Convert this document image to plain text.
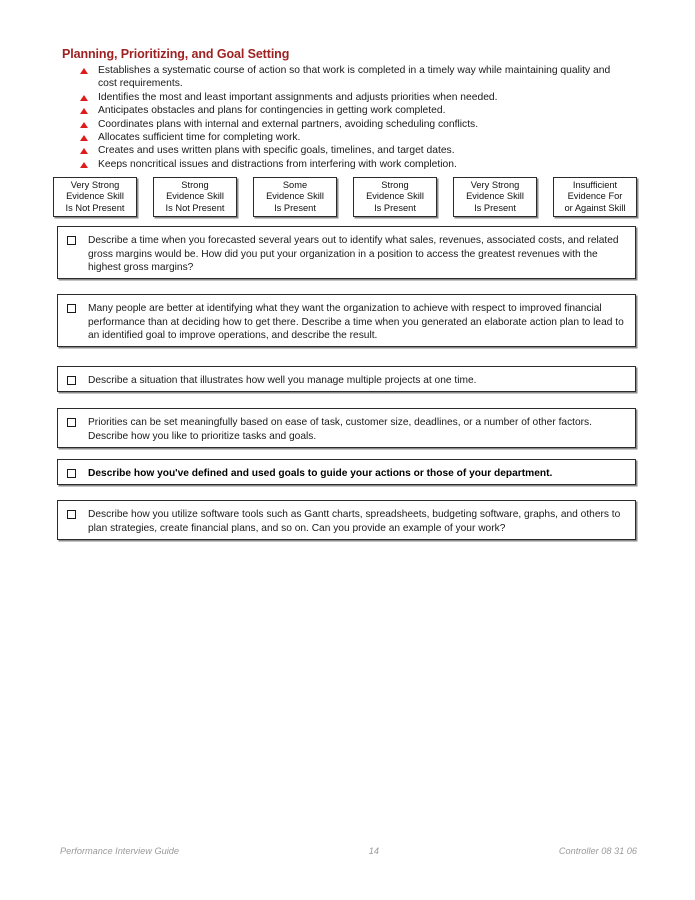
Planning, Prioritizing, and Goal Setting
Establishes a systematic course of action so that work is completed in a timely way while maintaining quality and cost requirements.
Identifies the most and least important assignments and adjusts priorities when needed.
Anticipates obstacles and plans for contingencies in getting work completed.
Coordinates plans with internal and external partners, avoiding scheduling conflicts.
Allocates sufficient time for completing work.
Creates and uses written plans with specific goals, timelines, and target dates.
Keeps noncritical issues and distractions from interfering with work completion.
Very Strong
Evidence Skill
Is Not Present
Strong
Evidence Skill
Is Not Present
Some
Evidence Skill
Is Present
Strong
Evidence Skill
Is Present
Very Strong
Evidence Skill
Is Present
Insufficient
Evidence For
or Against Skill
Describe a time when you forecasted several years out to identify what sales, revenues, associated costs, and related gross margins would be. How did you put your organization in a position to access the greatest revenues with the highest gross margins?
Many people are better at identifying what they want the organization to achieve with respect to improved financial performance than at deciding how to get there. Describe a time when you generated an elaborate action plan to lead to an identified goal to improve operations, and describe the result.
Describe a situation that illustrates how well you manage multiple projects at one time.
Priorities can be set meaningfully based on ease of task, customer size, deadlines, or a number of other factors. Describe how you like to prioritize tasks and goals.
Describe how you've defined and used goals to guide your actions or those of your department.
Describe how you utilize software tools such as Gantt charts, spreadsheets, budgeting software, graphs, and others to plan strategies, create financial plans, and so on. Can you provide an example of your work?
Performance Interview Guide	14	Controller 08 31 06
